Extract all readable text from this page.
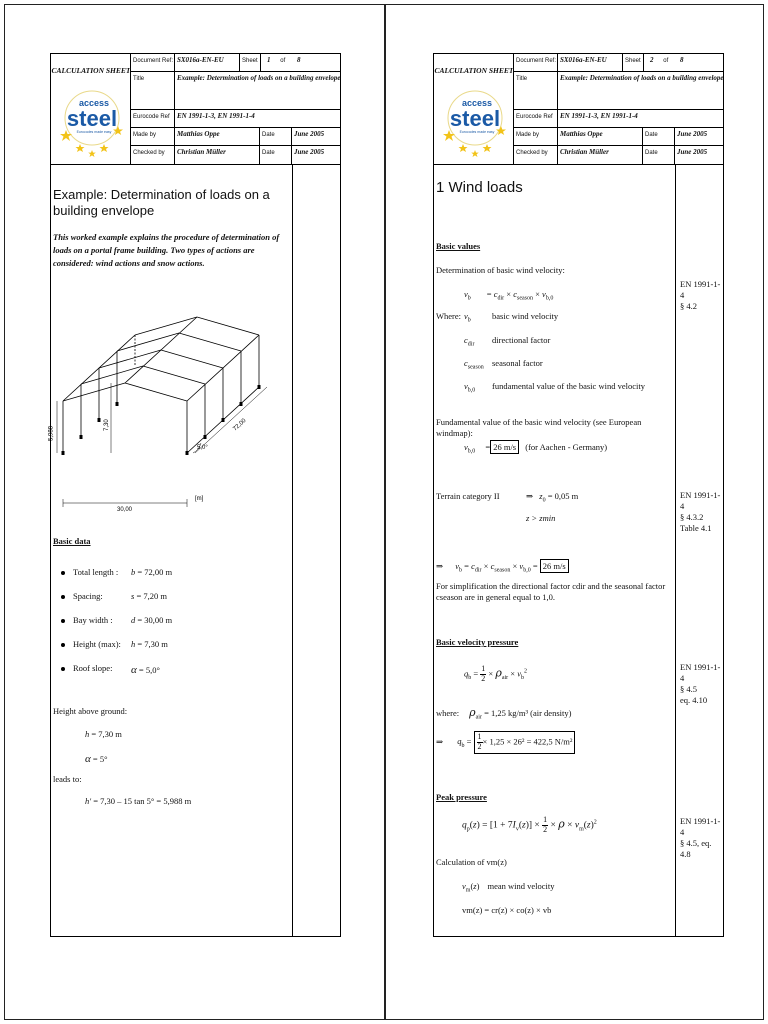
CALCULATION SHEET
access
steel
Eurocodes made easy
Document Ref: SX016a-EN-EU	Sheet	1 of 8
Title	Example: Determination of loads on a building envelope
Eurocode Ref	EN 1991-1-3, EN 1991-1-4
Made by	Matthias Oppe	Date	June 2005
Checked by	Christian Müller	Date	June 2005
Example: Determination of loads on a building envelope

This worked example explains the procedure of determination of loads on a portal frame building. Two types of actions are considered: wind actions and snow actions.

5,988
7,30	72,00
5,0°
30,00
[m]
Basic data
Total length : b = 72,00 m
Spacing:	s = 7,20 m
Bay width : d = 30,00 m
Height (max): h = 7,30 m
Roof slope: α = 5,0°
Height above ground:
h = 7,30 m
α = 5°
leads to:
h' = 7,30 – 15 tan 5° = 5,988 m
CALCULATION SHEET
access
steel
Eurocodes made easy
Document Ref: SX016a-EN-EU	Sheet	2 of 8
Title	Example: Determination of loads on a building envelope
Eurocode Ref	EN 1991-1-3, EN 1991-1-4
Made by	Matthias Oppe	Date	June 2005
Checked by	Christian Müller	Date	June 2005
EN 1991-1-4
§ 4.2
EN 1991-1-4
§ 4.3.2
Table 4.1
EN 1991-1-4
§ 4.5
eq. 4.10
EN 1991-1-4
§ 4.5, eq. 4.8
1 Wind loads
Basic values
Determination of basic wind velocity:
$v_b = c_{dir} \times c_{season} \times v_{b,0}$
Where: $v_b$ basic wind velocity
$c_{dir}$ directional factor
$c_{season}$ seasonal factor
$v_{b,0}$ fundamental value of the basic wind velocity
Fundamental value of the basic wind velocity (see European windmap):
$v_{b,0} = 26$ m/s (for Aachen - Germany)
Terrain category II	⇒ $z_0 = 0,05$ m
z > zmin
⇒ $v_b = c_{dir} \times c_{season} \times v_{b,0} = 26$ m/s
For simplification the directional factor cdir and the seasonal factor cseason are in general equal to 1,0.
Basic velocity pressure
$q_b = \frac{1}{2} \times \rho_{air} \times v_b^2$
where: $\rho_{air} = 1,25$ kg/m³ (air density)
⇒ $q_b = \frac{1}{2} \times 1,25 \times 26^2 = 422,5$ N/m²
Peak pressure
$q_p(z) = [1 + 7I_v(z)] \times \frac{1}{2} \times \rho \times v_m(z)^2$
Calculation of vm(z)
$v_m(z)$ mean wind velocity
vm(z) = cr(z) × co(z) × vb
